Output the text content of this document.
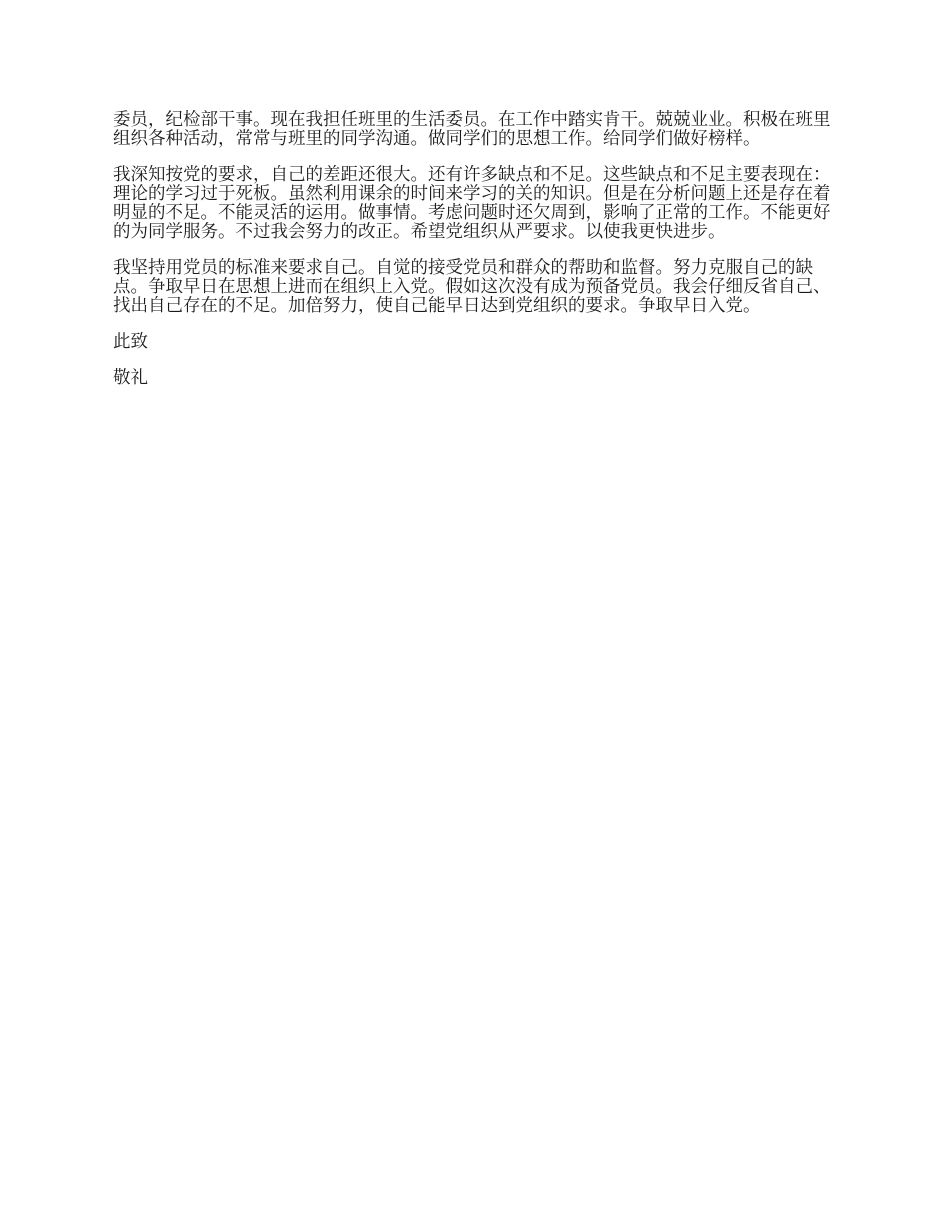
委员，纪检部干事。现在我担任班里的生活委员。在工作中踏实肯干。兢兢业业。积极在班里组织各种活动，常常与班里的同学沟通。做同学们的思想工作。给同学们做好榜样。

我深知按党的要求，自己的差距还很大。还有许多缺点和不足。这些缺点和不足主要表现在：理论的学习过于死板。虽然利用课余的时间来学习的关的知识。但是在分析问题上还是存在着明显的不足。不能灵活的运用。做事情。考虑问题时还欠周到，影响了正常的工作。不能更好的为同学服务。不过我会努力的改正。希望党组织从严要求。以使我更快进步。

我坚持用党员的标准来要求自己。自觉的接受党员和群众的帮助和监督。努力克服自己的缺点。争取早日在思想上进而在组织上入党。假如这次没有成为预备党员。我会仔细反省自己、找出自己存在的不足。加倍努力，使自己能早日达到党组织的要求。争取早日入党。

此致

敬礼
